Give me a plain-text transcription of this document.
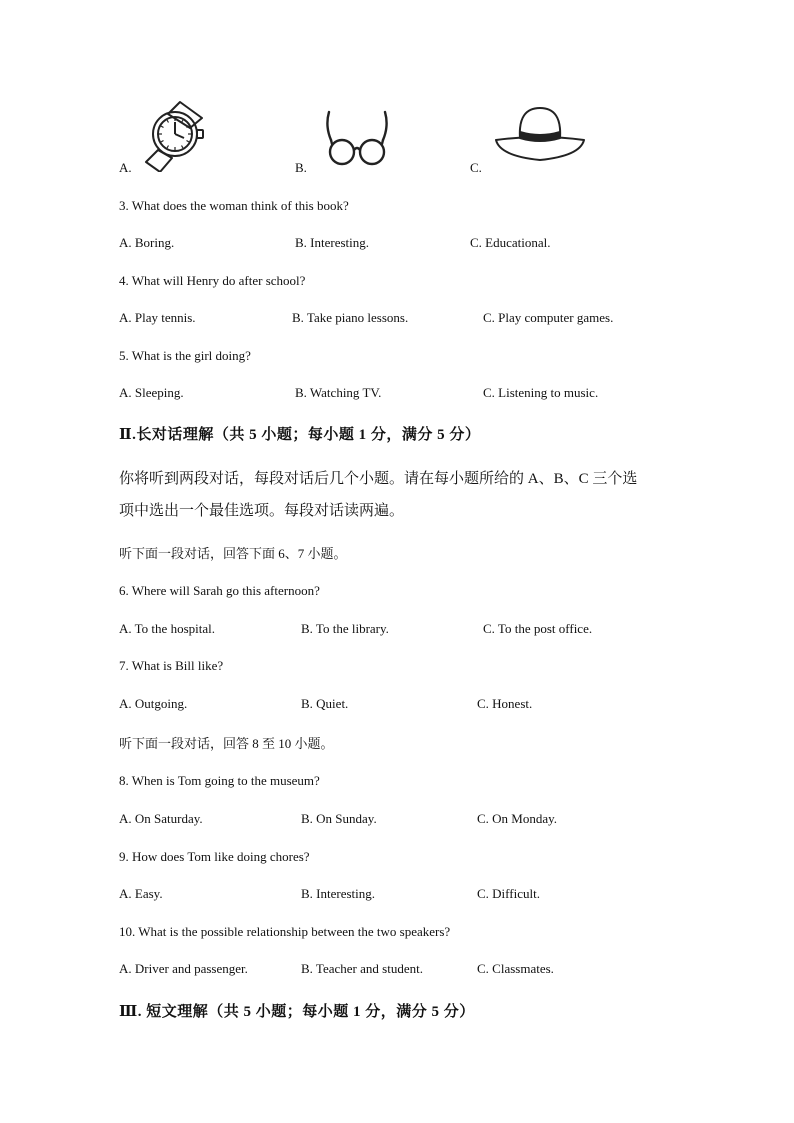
A.	B.	C.
3. What does the woman think of this book?
A. Boring.	B. Interesting.	C. Educational.
4. What will Henry do after school?
A. Play tennis.	B. Take piano lessons.	C. Play computer games.
5. What is the girl doing?
A. Sleeping.	B. Watching TV.	C. Listening to music.
Ⅱ.长对话理解（共 5 小题；每小题 1 分，满分 5 分）
你将听到两段对话，每段对话后几个小题。请在每小题所给的 A、B、C 三个选
项中选出一个最佳选项。每段对话读两遍。
听下面一段对话，回答下面 6、7 小题。
6. Where will Sarah go this afternoon?
A. To the hospital.	B. To the library.	C. To the post office.
7. What is Bill like?
A. Outgoing.	B. Quiet.	C. Honest.
听下面一段对话，回答 8 至 10 小题。
8. When is Tom going to the museum?
A. On Saturday.	B. On Sunday.	C. On Monday.
9. How does Tom like doing chores?
A. Easy.	B. Interesting.	C. Difficult.
10. What is the possible relationship between the two speakers?
A. Driver and passenger.	B. Teacher and student.	C. Classmates.
Ⅲ. 短文理解（共 5 小题；每小题 1 分，满分 5 分）
